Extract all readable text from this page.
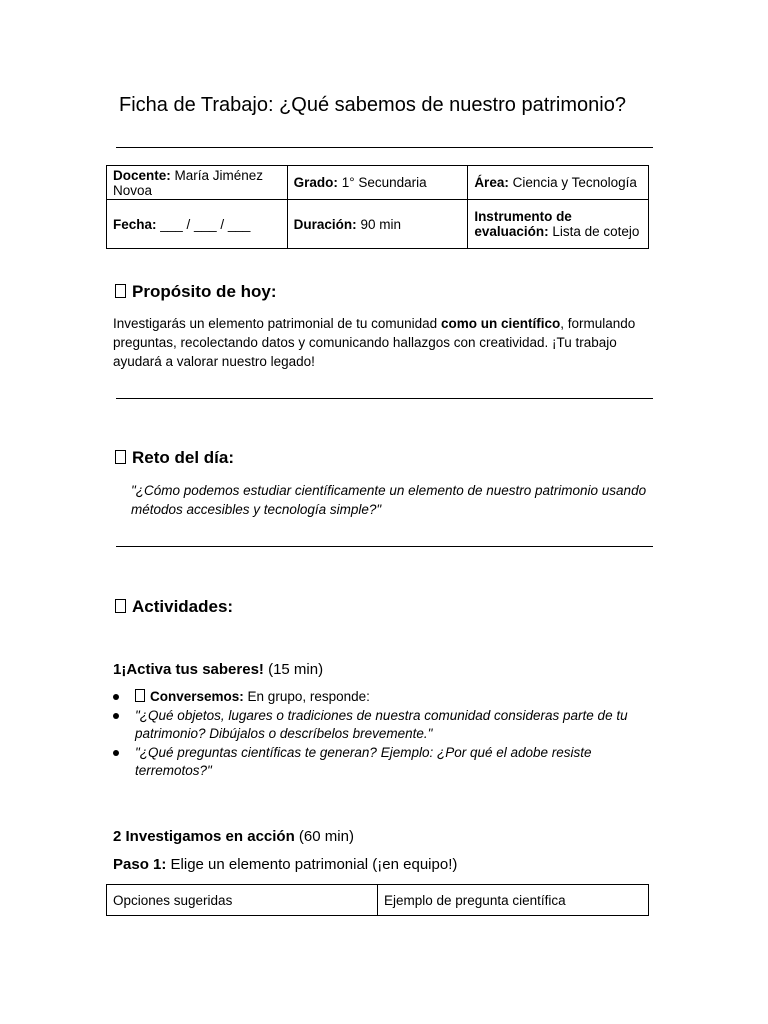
Ficha de Trabajo: ¿Qué sabemos de nuestro patrimonio?
Docente: María Jiménez Novoa	Grado: 1° Secundaria	Área: Ciencia y Tecnología
Fecha: ___ / ___ / ___	Duración: 90 min	Instrumento de evaluación: Lista de cotejo
Propósito de hoy:
Investigarás un elemento patrimonial de tu comunidad como un científico, formulando preguntas, recolectando datos y comunicando hallazgos con creatividad. ¡Tu trabajo ayudará a valorar nuestro legado!
Reto del día:
"¿Cómo podemos estudiar científicamente un elemento de nuestro patrimonio usando métodos accesibles y tecnología simple?"
Actividades:
1¡Activa tus saberes! (15 min)
Conversemos: En grupo, responde:
"¿Qué objetos, lugares o tradiciones de nuestra comunidad consideras parte de tu patrimonio? Dibújalos o descríbelos brevemente."
"¿Qué preguntas científicas te generan? Ejemplo: ¿Por qué el adobe resiste terremotos?"
2 Investigamos en acción (60 min)
Paso 1: Elige un elemento patrimonial (¡en equipo!)
Opciones sugeridas	Ejemplo de pregunta científica
